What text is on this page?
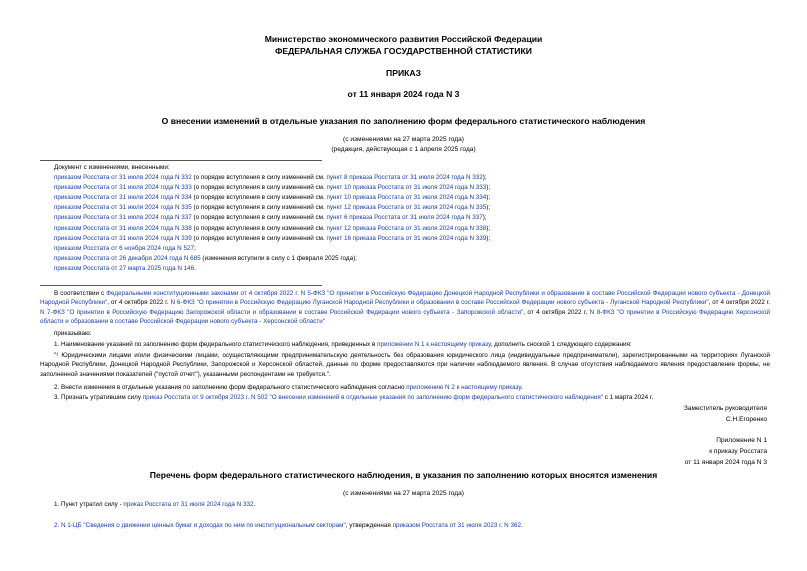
Министерство экономического развития Российской Федерации
ФЕДЕРАЛЬНАЯ СЛУЖБА ГОСУДАРСТВЕННОЙ СТАТИСТИКИ
ПРИКАЗ
от 11 января 2024 года N 3
О внесении изменений в отдельные указания по заполнению форм федерального статистического наблюдения
(с изменениями на 27 марта 2025 года)
(редакция, действующая с 1 апреля 2025 года)
Документ с изменениями, внесенными:
приказом Росстата от 31 июля 2024 года N 332 (о порядке вступления в силу изменений см. пункт 8 приказа Росстата от 31 июля 2024 года N 332);
приказом Росстата от 31 июля 2024 года N 333 (о порядке вступления в силу изменений см. пункт 10 приказа Росстата от 31 июля 2024 года N 333);
приказом Росстата от 31 июля 2024 года N 334 (о порядке вступления в силу изменений см. пункт 10 приказа Росстата от 31 июля 2024 года N 334);
приказом Росстата от 31 июля 2024 года N 335 (о порядке вступления в силу изменений см. пункт 12 приказа Росстата от 31 июля 2024 года N 335);
приказом Росстата от 31 июля 2024 года N 337 (о порядке вступления в силу изменений см. пункт 6 приказа Росстата от 31 июля 2024 года N 337);
приказом Росстата от 31 июля 2024 года N 338 (о порядке вступления в силу изменений см. пункт 12 приказа Росстата от 31 июля 2024 года N 338);
приказом Росстата от 31 июля 2024 года N 339 (о порядке вступления в силу изменений см. пункт 16 приказа Росстата от 31 июля 2024 года N 339);
приказом Росстата от 6 ноября 2024 года N 527;
приказом Росстата от 26 декабря 2024 года N 685 (изменения вступили в силу с 1 февраля 2025 года);
приказом Росстата от 27 марта 2025 года N 146.
В соответствии с Федеральными конституционными законами от 4 октября 2022 г. N 5-ФКЗ "О принятии в Российскую Федерацию Донецкой Народной Республики и образовании в составе Российской Федерации нового субъекта - Донецкой Народной Республики", от 4 октября 2022 г. N 6-ФКЗ "О принятии в Российскую Федерацию Луганской Народной Республики и образовании в составе Российской Федерации нового субъекта - Луганской Народной Республики", от 4 октября 2022 г. N 7-ФКЗ "О принятии в Российскую Федерацию Запорожской области и образовании в составе Российской Федерации нового субъекта - Запорожской области", от 4 октября 2022 г. N 8-ФКЗ "О принятии в Российскую Федерацию Херсонской области и образовании в составе Российской Федерации нового субъекта - Херсонской области"
приказываю:
1. Наименование указаний по заполнению форм федерального статистического наблюдения, приведенных в приложении N 1 к настоящему приказу, дополнить сноской 1 следующего содержания:
"¹ Юридическими лицами и/или физическими лицами, осуществляющими предпринимательскую деятельность без образования юридического лица (индивидуальные предприниматели), зарегистрированными на территориях Луганской Народной Республики, Донецкой Народной Республики, Запорожской и Херсонской областей, данные по форме предоставляются при наличии наблюдаемого явления. В случае отсутствия наблюдаемого явления предоставление формы, не заполненной значениями показателей ("пустой отчет"), указанными респондентами не требуется.".
2. Внести изменения в отдельные указания по заполнению форм федерального статистического наблюдения согласно приложению N 2 к настоящему приказу.
3. Признать утратившим силу приказ Росстата от 9 октября 2023 г. N 502 "О внесении изменений в отдельные указания по заполнению форм федерального статистического наблюдения" с 1 марта 2024 г.
Заместитель руководителя
С.Н.Егоренко
Приложение N 1
к приказу Росстата
от 11 января 2024 года N 3
Перечень форм федерального статистического наблюдения, в указания по заполнению которых вносятся изменения
(с изменениями на 27 марта 2025 года)
1. Пункт утратил силу - приказ Росстата от 31 июля 2024 года N 332.
2. N 1-ЦБ "Сведения о движении ценных бумаг и доходах по ним по институциональным секторам", утвержденная приказом Росстата от 31 июля 2023 г. N 362.
